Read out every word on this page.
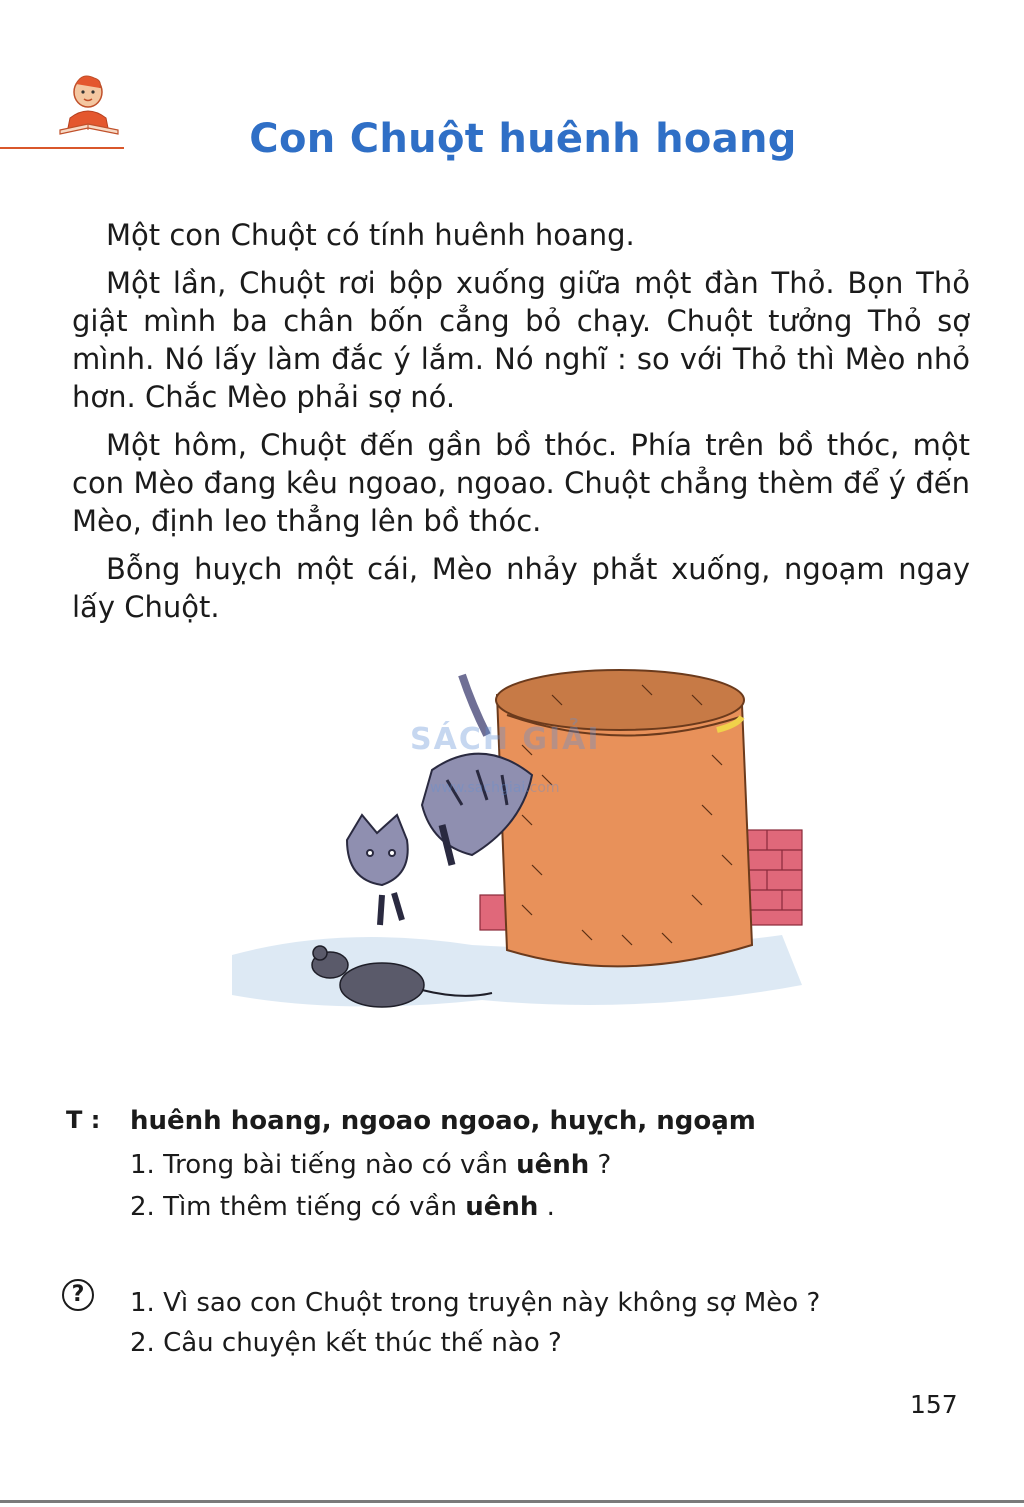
Con Chuột huênh hoang

Một con Chuột có tính huênh hoang.

Một lần, Chuột rơi bộp xuống giữa một đàn Thỏ. Bọn Thỏ giật mình ba chân bốn cẳng bỏ chạy. Chuột tưởng Thỏ sợ mình. Nó lấy làm đắc ý lắm. Nó nghĩ : so với Thỏ thì Mèo nhỏ hơn. Chắc Mèo phải sợ nó.

Một hôm, Chuột đến gần bồ thóc. Phía trên bồ thóc, một con Mèo đang kêu ngoao, ngoao. Chuột chẳng thèm để ý đến Mèo, định leo thẳng lên bồ thóc.

Bỗng huỵch một cái, Mèo nhảy phắt xuống, ngoạm ngay lấy Chuột.

SÁCH GIẢI
www.sachgiai.com
T : huênh hoang, ngoao ngoao, huỵch, ngoạm
1. Trong bài tiếng nào có vần uênh ?
2. Tìm thêm tiếng có vần uênh .
?	1. Vì sao con Chuột trong truyện này không sợ Mèo ?
2. Câu chuyện kết thúc thế nào ?
157
